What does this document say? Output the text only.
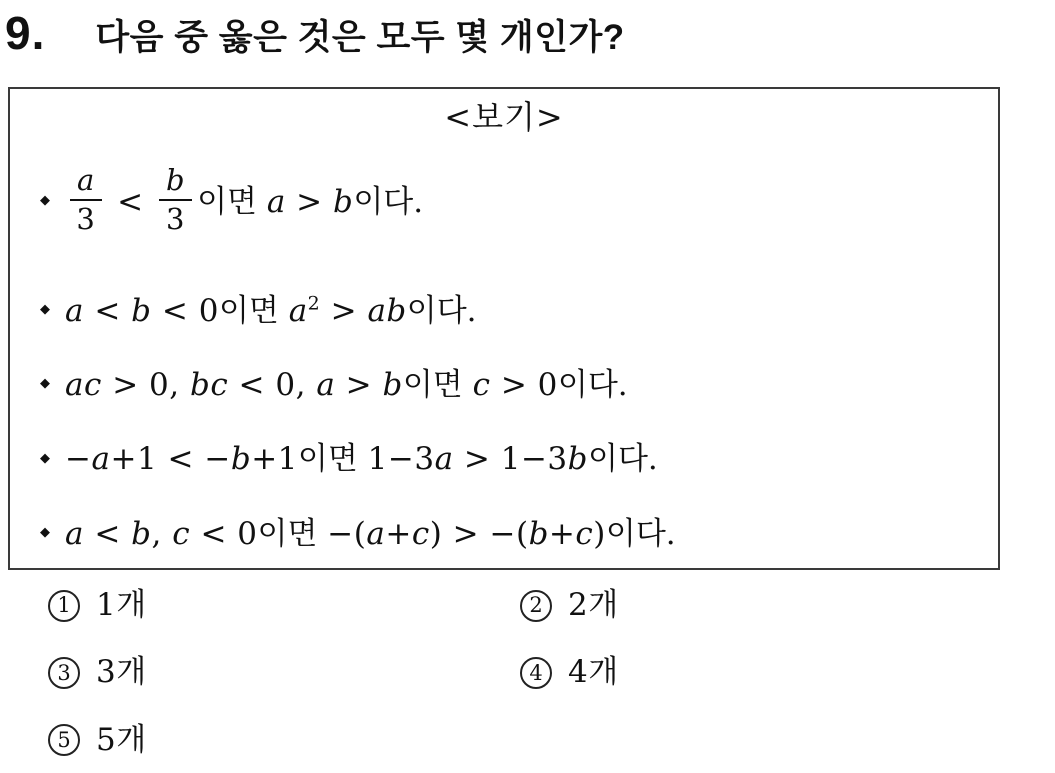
9. 다음 중 옳은 것은 모두 몇 개인가?
<보기>
◆ $\frac{a}{3} < \frac{b}{3}$ 이면 a > b이다.
◆ a < b < 0이면 $a^2$ > ab이다.
◆ ac > 0, bc < 0, a > b이면 c > 0이다.
◆ −a+1 < −b+1이면 1−3a > 1−3b이다.
◆ a < b, c < 0이면 −(a+c) > −(b+c)이다.
1 1개	2 2개
3 3개	4 4개
5 5개
